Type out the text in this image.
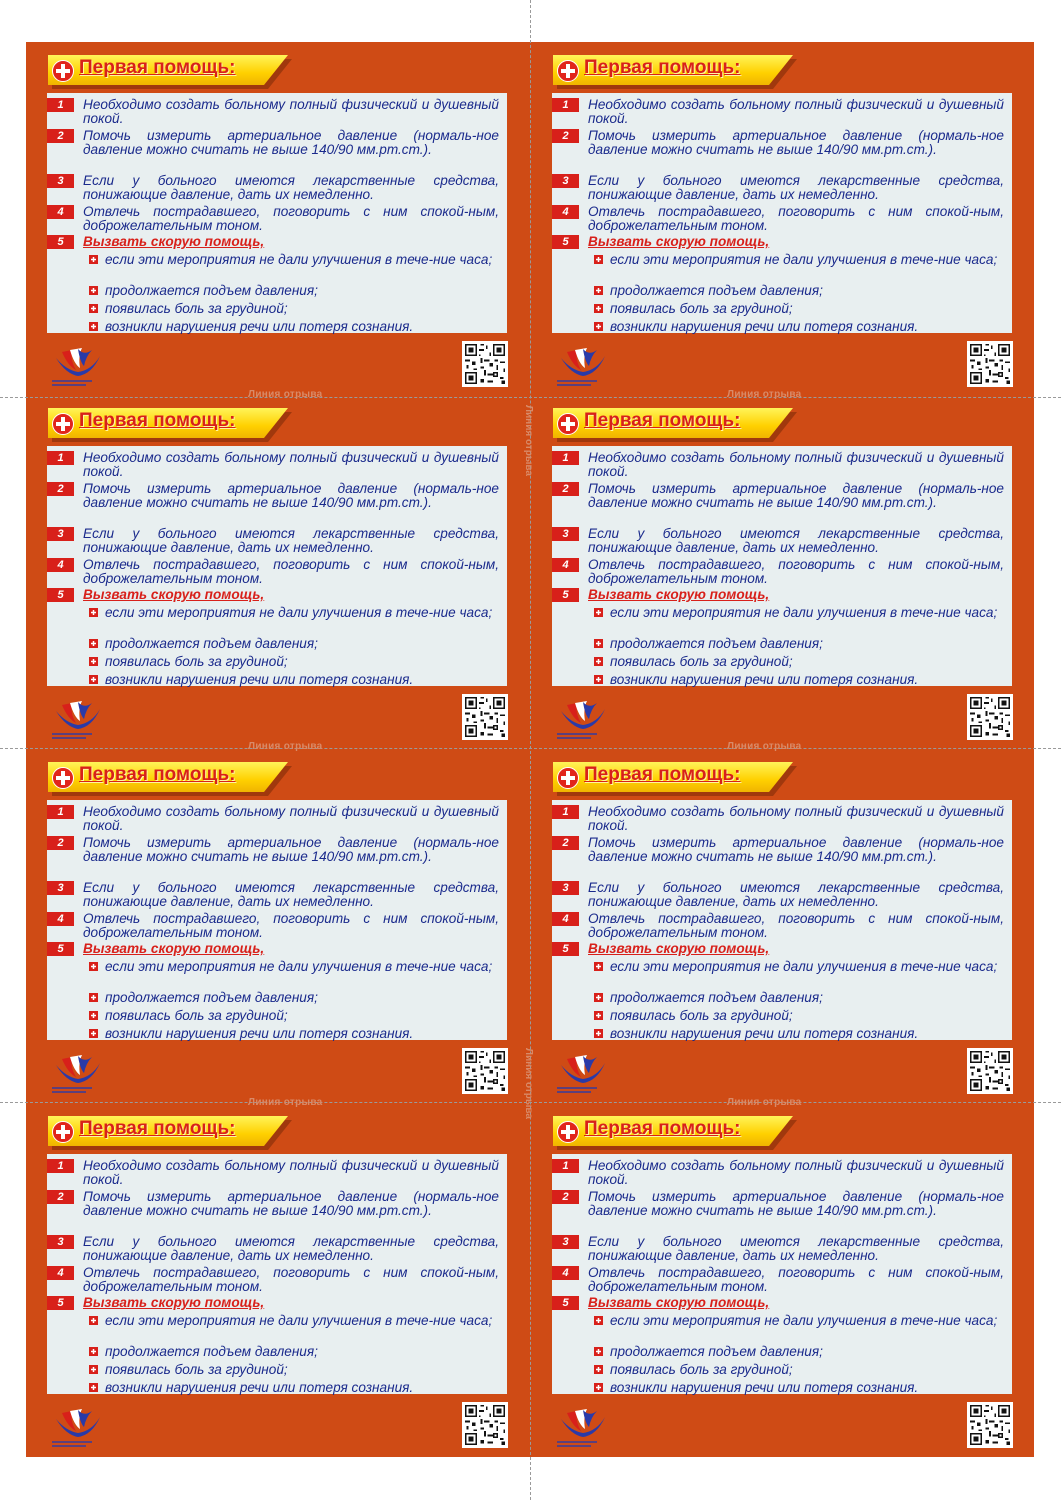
Линия отрыва	Линия отрыва
Линия отрыва	Линия отрыва
Линия отрыва	Линия отрыва
Линия отрыва
Линия отрыва
Первая помощь:
1	Необходимо создать больному полный физический и душевный покой.
2	Помочь измерить артериальное давление (нормаль-ное давление можно считать не выше 140/90 мм.рт.ст.).
3	Если у больного имеются лекарственные средства, понижающие давление, дать их немедленно.
4	Отвлечь пострадавшего, поговорить с ним спокой-ным, доброжелательным тоном.
5	Вызвать скорую помощь,
если эти мероприятия не дали улучшения в тече-ние часа;
продолжается подъем давления;
появилась боль за грудиной;
возникли нарушения речи или потеря сознания.
Первая помощь:
1	Необходимо создать больному полный физический и душевный покой.
2	Помочь измерить артериальное давление (нормаль-ное давление можно считать не выше 140/90 мм.рт.ст.).
3	Если у больного имеются лекарственные средства, понижающие давление, дать их немедленно.
4	Отвлечь пострадавшего, поговорить с ним спокой-ным, доброжелательным тоном.
5	Вызвать скорую помощь,
если эти мероприятия не дали улучшения в тече-ние часа;
продолжается подъем давления;
появилась боль за грудиной;
возникли нарушения речи или потеря сознания.
Первая помощь:
1	Необходимо создать больному полный физический и душевный покой.
2	Помочь измерить артериальное давление (нормаль-ное давление можно считать не выше 140/90 мм.рт.ст.).
3	Если у больного имеются лекарственные средства, понижающие давление, дать их немедленно.
4	Отвлечь пострадавшего, поговорить с ним спокой-ным, доброжелательным тоном.
5	Вызвать скорую помощь,
если эти мероприятия не дали улучшения в тече-ние часа;
продолжается подъем давления;
появилась боль за грудиной;
возникли нарушения речи или потеря сознания.
Первая помощь:
1	Необходимо создать больному полный физический и душевный покой.
2	Помочь измерить артериальное давление (нормаль-ное давление можно считать не выше 140/90 мм.рт.ст.).
3	Если у больного имеются лекарственные средства, понижающие давление, дать их немедленно.
4	Отвлечь пострадавшего, поговорить с ним спокой-ным, доброжелательным тоном.
5	Вызвать скорую помощь,
если эти мероприятия не дали улучшения в тече-ние часа;
продолжается подъем давления;
появилась боль за грудиной;
возникли нарушения речи или потеря сознания.
Первая помощь:
1	Необходимо создать больному полный физический и душевный покой.
2	Помочь измерить артериальное давление (нормаль-ное давление можно считать не выше 140/90 мм.рт.ст.).
3	Если у больного имеются лекарственные средства, понижающие давление, дать их немедленно.
4	Отвлечь пострадавшего, поговорить с ним спокой-ным, доброжелательным тоном.
5	Вызвать скорую помощь,
если эти мероприятия не дали улучшения в тече-ние часа;
продолжается подъем давления;
появилась боль за грудиной;
возникли нарушения речи или потеря сознания.
Первая помощь:
1	Необходимо создать больному полный физический и душевный покой.
2	Помочь измерить артериальное давление (нормаль-ное давление можно считать не выше 140/90 мм.рт.ст.).
3	Если у больного имеются лекарственные средства, понижающие давление, дать их немедленно.
4	Отвлечь пострадавшего, поговорить с ним спокой-ным, доброжелательным тоном.
5	Вызвать скорую помощь,
если эти мероприятия не дали улучшения в тече-ние часа;
продолжается подъем давления;
появилась боль за грудиной;
возникли нарушения речи или потеря сознания.
Первая помощь:
1	Необходимо создать больному полный физический и душевный покой.
2	Помочь измерить артериальное давление (нормаль-ное давление можно считать не выше 140/90 мм.рт.ст.).
3	Если у больного имеются лекарственные средства, понижающие давление, дать их немедленно.
4	Отвлечь пострадавшего, поговорить с ним спокой-ным, доброжелательным тоном.
5	Вызвать скорую помощь,
если эти мероприятия не дали улучшения в тече-ние часа;
продолжается подъем давления;
появилась боль за грудиной;
возникли нарушения речи или потеря сознания.
Первая помощь:
1	Необходимо создать больному полный физический и душевный покой.
2	Помочь измерить артериальное давление (нормаль-ное давление можно считать не выше 140/90 мм.рт.ст.).
3	Если у больного имеются лекарственные средства, понижающие давление, дать их немедленно.
4	Отвлечь пострадавшего, поговорить с ним спокой-ным, доброжелательным тоном.
5	Вызвать скорую помощь,
если эти мероприятия не дали улучшения в тече-ние часа;
продолжается подъем давления;
появилась боль за грудиной;
возникли нарушения речи или потеря сознания.
